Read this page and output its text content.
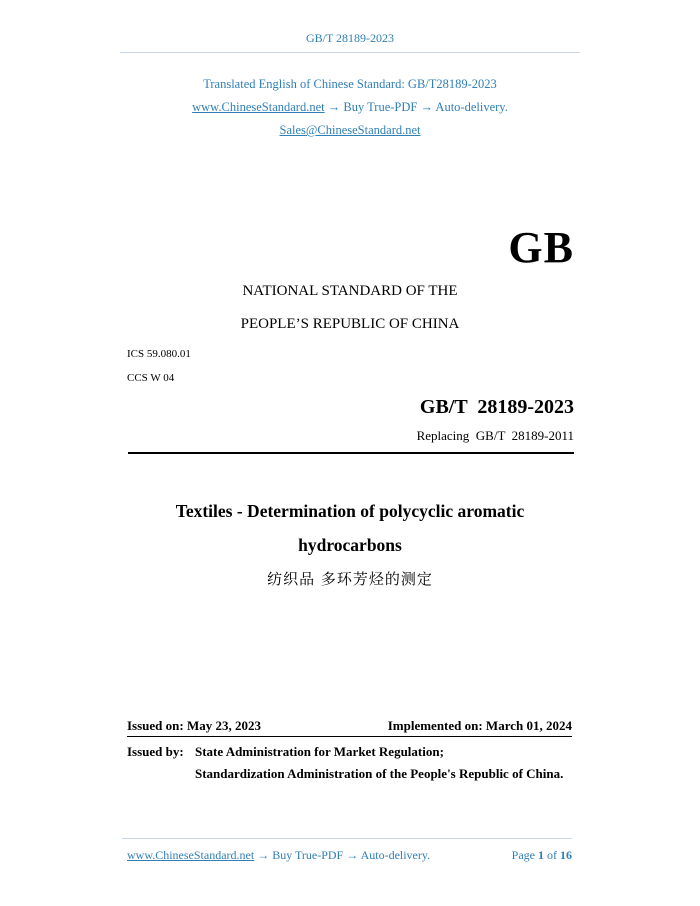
GB/T 28189-2023
Translated English of Chinese Standard: GB/T28189-2023
www.ChineseStandard.net → Buy True-PDF → Auto-delivery.
Sales@ChineseStandard.net
GB
NATIONAL STANDARD OF THE
PEOPLE’S REPUBLIC OF CHINA
ICS 59.080.01
CCS W 04
GB/T  28189-2023
Replacing  GB/T  28189-2011
Textiles - Determination of polycyclic aromatic
hydrocarbons
纺织品 多环芳烃的测定
Issued on: May 23, 2023	Implemented on: March 01, 2024
Issued by: State Administration for Market Regulation;
Standardization Administration of the People's Republic of China.
www.ChineseStandard.net → Buy True-PDF → Auto-delivery.	Page 1 of 16
